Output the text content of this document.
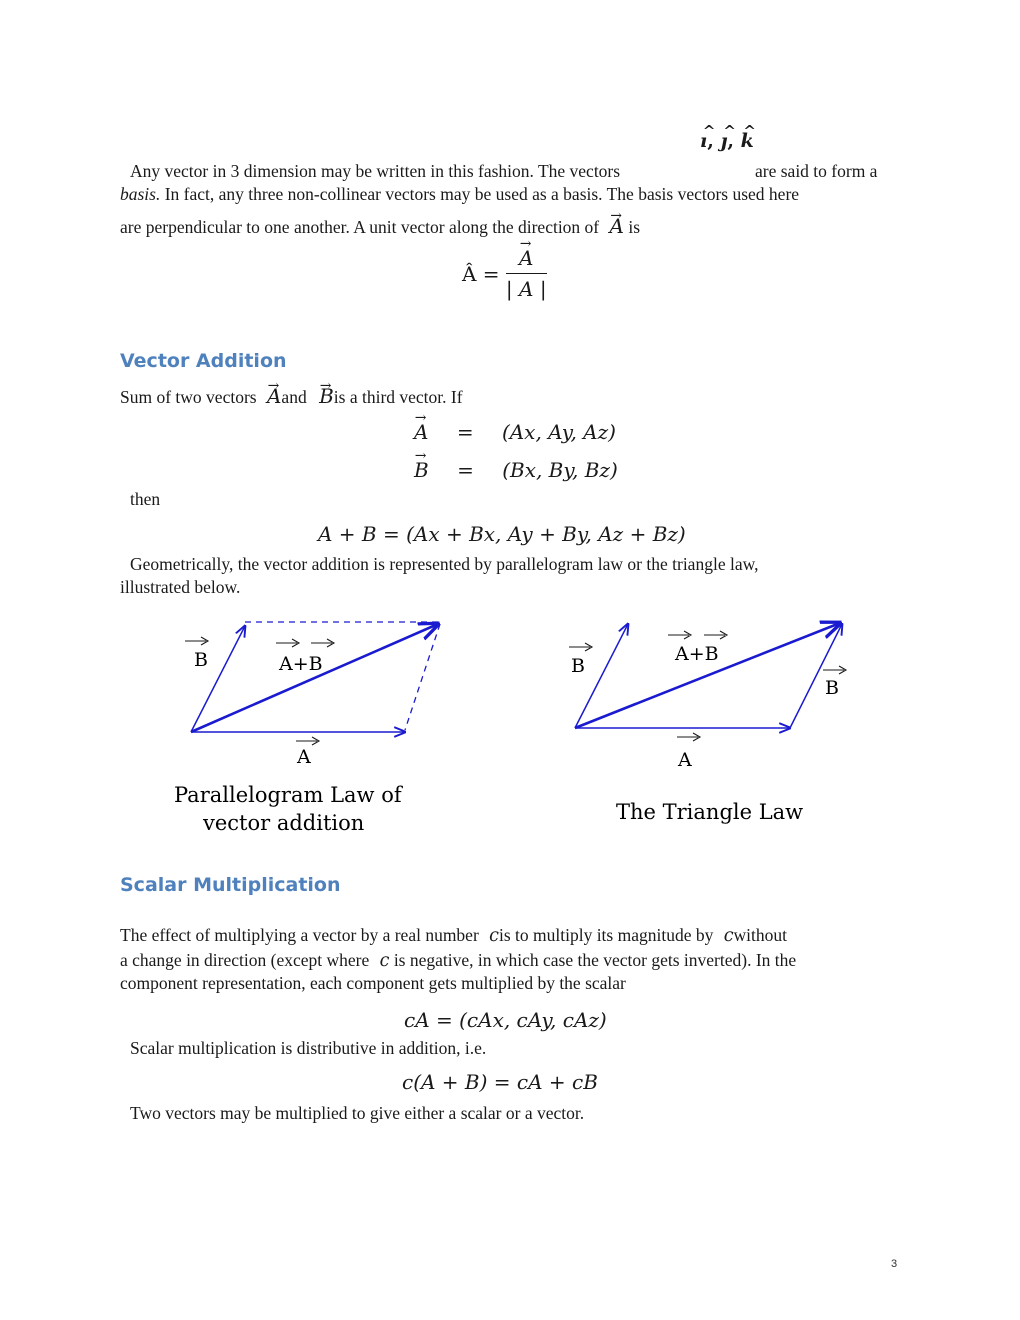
^ ı, ^ ȷ, ^ k
Any vector in 3 dimension may be written in this fashion. The vectors	are said to form a
basis. In fact, any three non-collinear vectors may be used as a basis. The basis vectors used here
are perpendicular to one another. A unit vector along the direction of → A is
Â = → $\frac{A}{| A |}$
Vector Addition
Sum of two vectors → Aand → Bis a third vector. If
→ A = (Ax, Ay, Az)
→ B = (Bx, By, Bz)
then
A + B = (Ax + Bx, Ay + By, Az + Bz)
Geometrically, the vector addition is represented by parallelogram law or the triangle law,
illustrated below.
B	A+B
A
Parallelogram Law of
vector addition
B
A+B
B
A
The Triangle Law
Scalar Multiplication
The effect of multiplying a vector by a real number cis to multiply its magnitude by cwithout
a change in direction (except where c is negative, in which case the vector gets inverted). In the
component representation, each component gets multiplied by the scalar
cA = (cAx, cAy, cAz)
Scalar multiplication is distributive in addition, i.e.
c(A + B) = cA + cB
Two vectors may be multiplied to give either a scalar or a vector.
3
